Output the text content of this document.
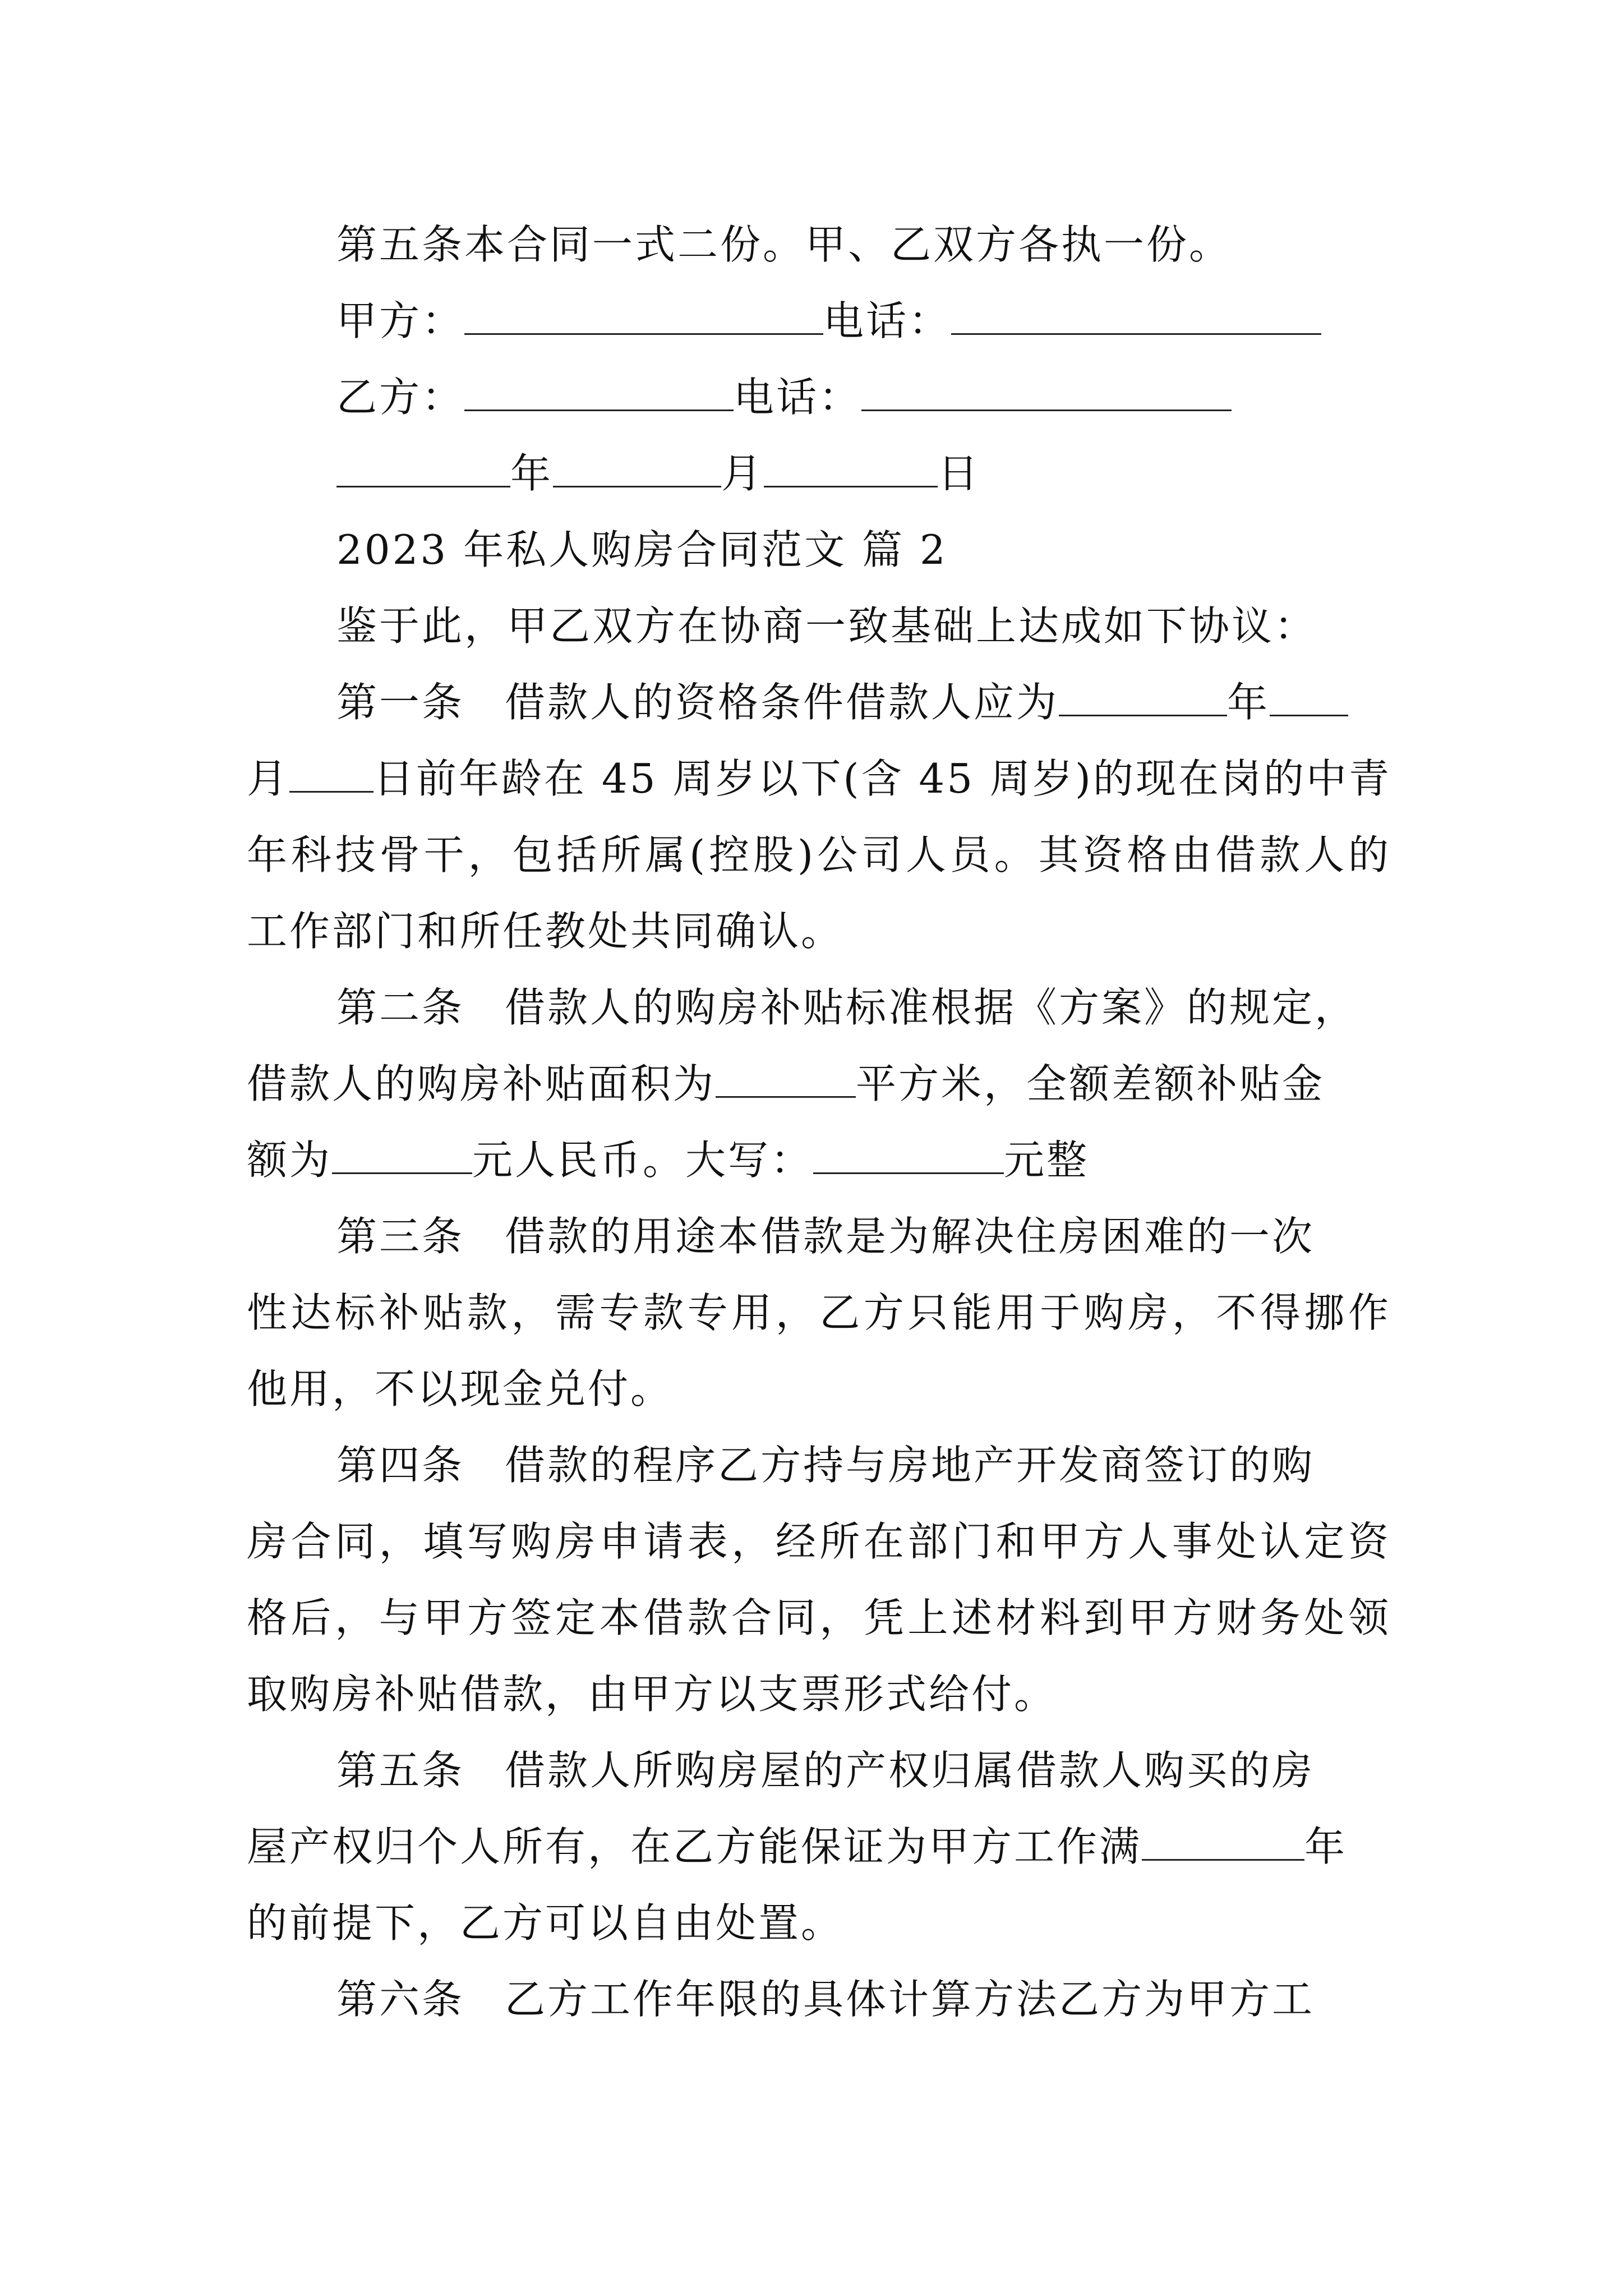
第五条本合同一式二份。甲、乙双方各执一份。
甲方：	电话：
乙方：	电话：
年	月	日
2023 年私人购房合同范文 篇 2
鉴于此，甲乙双方在协商一致基础上达成如下协议：
第一条 借款人的资格条件借款人应为	年
月 日前年龄在 45 周岁以下(含 45 周岁)的现在岗的中青
年科技骨干，包括所属(控股)公司人员。其资格由借款人的
工作部门和所任教处共同确认。
第二条 借款人的购房补贴标准根据《方案》的规定，
借款人的购房补贴面积为	平方米，全额差额补贴金
额为	元人民币。大写：	元整
第三条 借款的用途本借款是为解决住房困难的一次
性达标补贴款，需专款专用，乙方只能用于购房，不得挪作
他用，不以现金兑付。
第四条 借款的程序乙方持与房地产开发商签订的购
房合同，填写购房申请表，经所在部门和甲方人事处认定资
格后，与甲方签定本借款合同，凭上述材料到甲方财务处领
取购房补贴借款，由甲方以支票形式给付。
第五条 借款人所购房屋的产权归属借款人购买的房
屋产权归个人所有，在乙方能保证为甲方工作满	年
的前提下，乙方可以自由处置。
第六条 乙方工作年限的具体计算方法乙方为甲方工
